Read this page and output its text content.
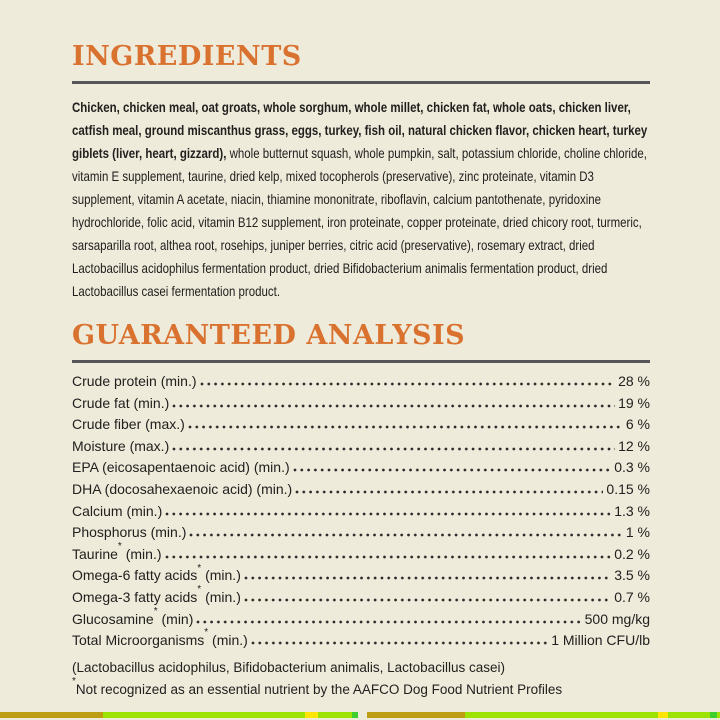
INGREDIENTS

Chicken, chicken meal, oat groats, whole sorghum, whole millet, chicken fat, whole oats, chicken liver, catfish meal, ground miscanthus grass, eggs, turkey, fish oil, natural chicken flavor, chicken heart, turkey giblets (liver, heart, gizzard), whole butternut squash, whole pumpkin, salt, potassium chloride, choline chloride, vitamin E supplement, taurine, dried kelp, mixed tocopherols (preservative), zinc proteinate, vitamin D3 supplement, vitamin A acetate, niacin, thiamine mononitrate, riboflavin, calcium pantothenate, pyridoxine hydrochloride, folic acid, vitamin B12 supplement, iron proteinate, copper proteinate, dried chicory root, turmeric, sarsaparilla root, althea root, rosehips, juniper berries, citric acid (preservative), rosemary extract, dried Lactobacillus acidophilus fermentation product, dried Bifidobacterium animalis fermentation product, dried Lactobacillus casei fermentation product.

GUARANTEED ANALYSIS
Crude protein (min.)	28 %
Crude fat (min.)	19 %
Crude fiber (max.)	6 %
Moisture (max.)	12 %
EPA (eicosapentaenoic acid) (min.)	0.3 %
DHA (docosahexaenoic acid) (min.)	0.15 %
Calcium (min.)	1.3 %
Phosphorus (min.)	1 %
Taurine* (min.)	0.2 %
Omega-6 fatty acids* (min.)	3.5 %
Omega-3 fatty acids* (min.)	0.7 %
Glucosamine* (min)	500 mg/kg
Total Microorganisms* (min.)	1 Million CFU/lb
(Lactobacillus acidophilus, Bifidobacterium animalis, Lactobacillus casei)
*Not recognized as an essential nutrient by the AAFCO Dog Food Nutrient Profiles
